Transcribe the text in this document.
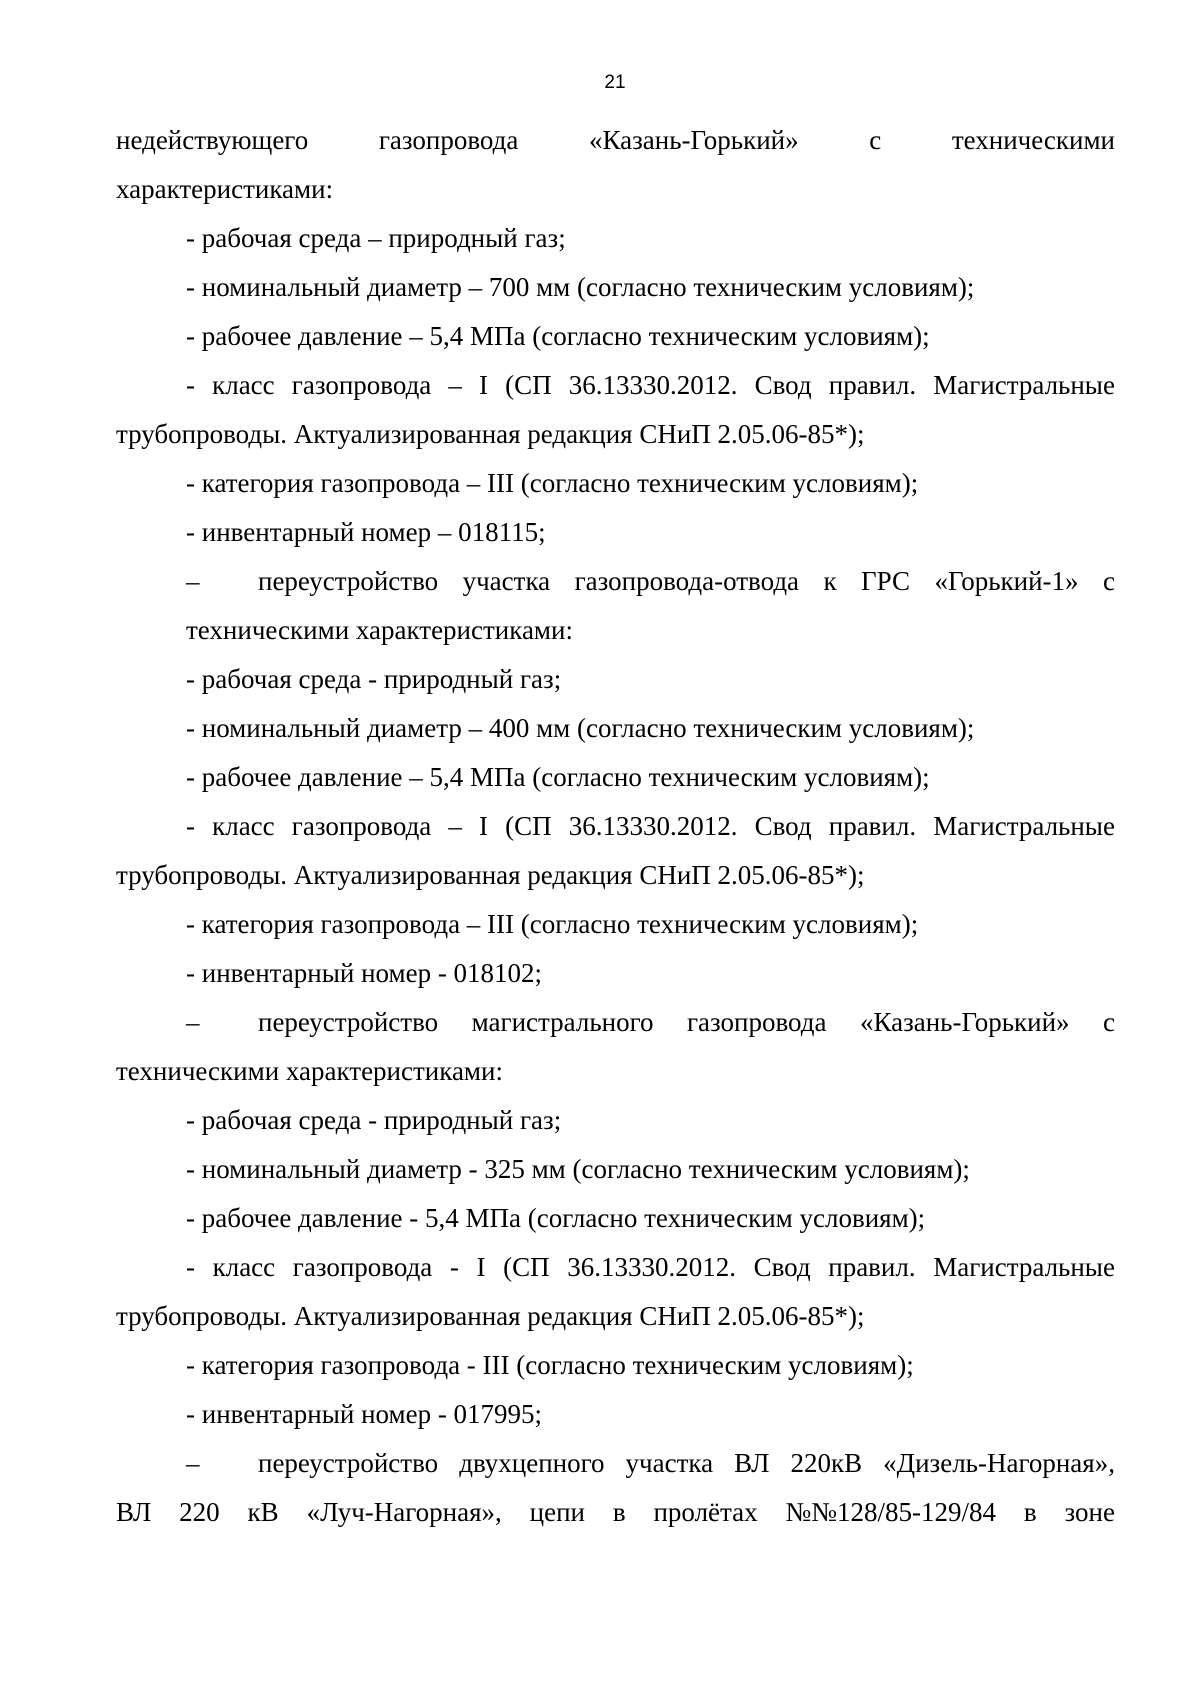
21
недействующего	газопровода	«Казань-Горький»	с	техническими
характеристиками:
- рабочая среда – природный газ;
- номинальный диаметр – 700 мм (согласно техническим условиям);
- рабочее давление – 5,4 МПа (согласно техническим условиям);
- класс газопровода – I (СП 36.13330.2012. Свод правил. Магистральные
трубопроводы. Актуализированная редакция СНиП 2.05.06-85*);
- категория газопровода – III (согласно техническим условиям);
- инвентарный номер – 018115;
–	переустройство участка газопровода-отвода к ГРС «Горький-1» с
техническими характеристиками:
- рабочая среда - природный газ;
- номинальный диаметр – 400 мм (согласно техническим условиям);
- рабочее давление – 5,4 МПа (согласно техническим условиям);
- класс газопровода – I (СП 36.13330.2012. Свод правил. Магистральные
трубопроводы. Актуализированная редакция СНиП 2.05.06-85*);
- категория газопровода – III (согласно техническим условиям);
- инвентарный номер - 018102;
–	переустройство магистрального газопровода «Казань-Горький» с
техническими характеристиками:
- рабочая среда - природный газ;
- номинальный диаметр - 325 мм (согласно техническим условиям);
- рабочее давление - 5,4 МПа (согласно техническим условиям);
- класс газопровода - I (СП 36.13330.2012. Свод правил. Магистральные
трубопроводы. Актуализированная редакция СНиП 2.05.06-85*);
- категория газопровода - III (согласно техническим условиям);
- инвентарный номер - 017995;
–	переустройство двухцепного участка ВЛ 220кВ «Дизель-Нагорная»,
ВЛ 220 кВ «Луч-Нагорная», цепи в пролётах №№128/85-129/84 в зоне
